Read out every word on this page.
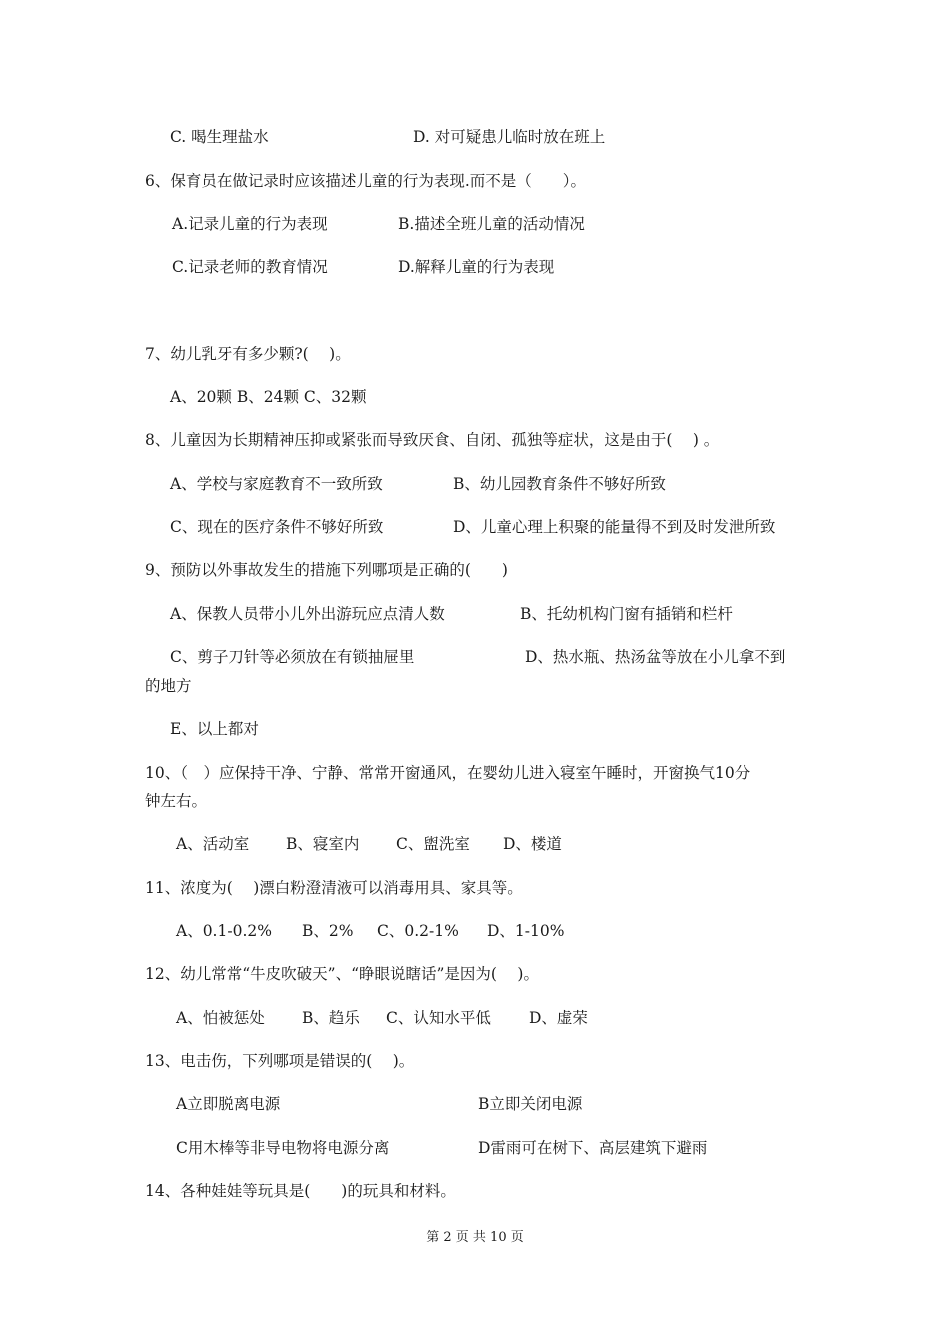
C. 喝生理盐水	D. 对可疑患儿临时放在班上
6、保育员在做记录时应该描述儿童的行为表现.而不是（　　）。
A.记录儿童的行为表现	B.描述全班儿童的活动情况
C.记录老师的教育情况	D.解释儿童的行为表现
7、幼儿乳牙有多少颗?(　 )。
A、20颗 B、24颗 C、32颗
8、儿童因为长期精神压抑或紧张而导致厌食、自闭、孤独等症状，这是由于(　 ) 。
A、学校与家庭教育不一致所致	B、幼儿园教育条件不够好所致
C、现在的医疗条件不够好所致	D、儿童心理上积聚的能量得不到及时发泄所致
9、预防以外事故发生的措施下列哪项是正确的(　　)
A、保教人员带小儿外出游玩应点清人数	B、托幼机构门窗有插销和栏杆
C、剪子刀针等必须放在有锁抽屉里	D、热水瓶、热汤盆等放在小儿拿不到
的地方
E、以上都对
10、（　）应保持干净、宁静、常常开窗通风，在婴幼儿进入寝室午睡时，开窗换气10分
钟左右。
A、活动室 B、寝室内 C、盥洗室 D、楼道
11、浓度为(　 )漂白粉澄清液可以消毒用具、家具等。
A、0.1-0.2% B、2% C、0.2-1% D、1-10%
12、幼儿常常“牛皮吹破天”、“睁眼说瞎话”是因为(　 )。
A、怕被惩处 B、趋乐 C、认知水平低 D、虚荣
13、电击伤，下列哪项是错误的(　 )。
A立即脱离电源	B立即关闭电源
C用木棒等非导电物将电源分离	D雷雨可在树下、高层建筑下避雨
14、各种娃娃等玩具是(　　)的玩具和材料。
第 2 页 共 10 页
